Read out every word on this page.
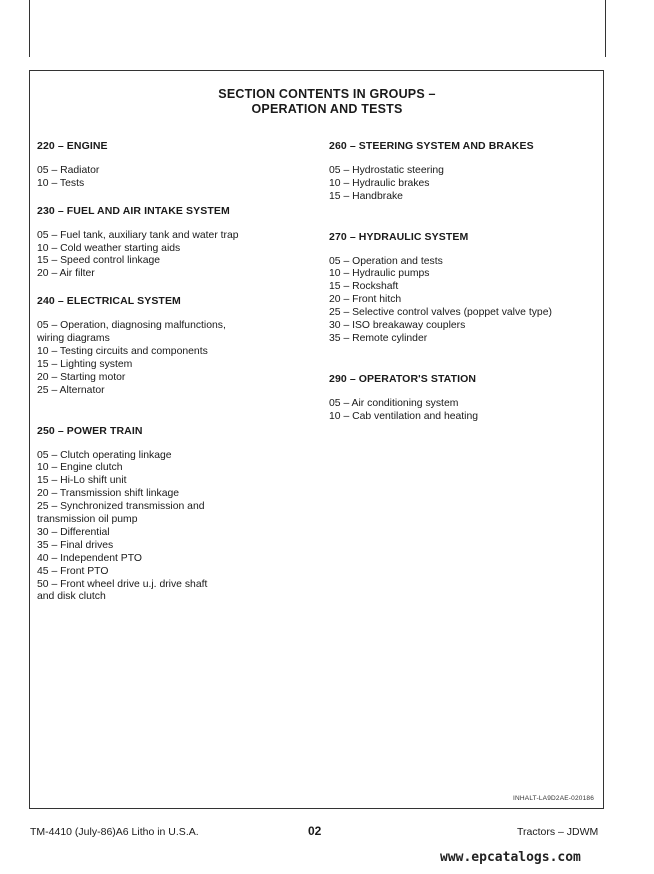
SECTION CONTENTS IN GROUPS –
OPERATION AND TESTS
220 – ENGINE
05 – Radiator
10 – Tests
230 – FUEL AND AIR INTAKE SYSTEM
05 – Fuel tank, auxiliary tank and water trap
10 – Cold weather starting aids
15 – Speed control linkage
20 – Air filter
240 – ELECTRICAL SYSTEM
05 – Operation, diagnosing malfunctions,
wiring diagrams
10 – Testing circuits and components
15 – Lighting system
20 – Starting motor
25 – Alternator
250 – POWER TRAIN
05 – Clutch operating linkage
10 – Engine clutch
15 – Hi-Lo shift unit
20 – Transmission shift linkage
25 – Synchronized transmission and
transmission oil pump
30 – Differential
35 – Final drives
40 – Independent PTO
45 – Front PTO
50 – Front wheel drive u.j. drive shaft
and disk clutch
260 – STEERING SYSTEM AND BRAKES
05 – Hydrostatic steering
10 – Hydraulic brakes
15 – Handbrake
270 – HYDRAULIC SYSTEM
05 – Operation and tests
10 – Hydraulic pumps
15 – Rockshaft
20 – Front hitch
25 – Selective control valves (poppet valve type)
30 – ISO breakaway couplers
35 – Remote cylinder
290 – OPERATOR'S STATION
05 – Air conditioning system
10 – Cab ventilation and heating
INHALT-LA9D2AE-020186
TM-4410 (July-86)A6 Litho in U.S.A.	02	Tractors – JDWM
www.epcatalogs.com
